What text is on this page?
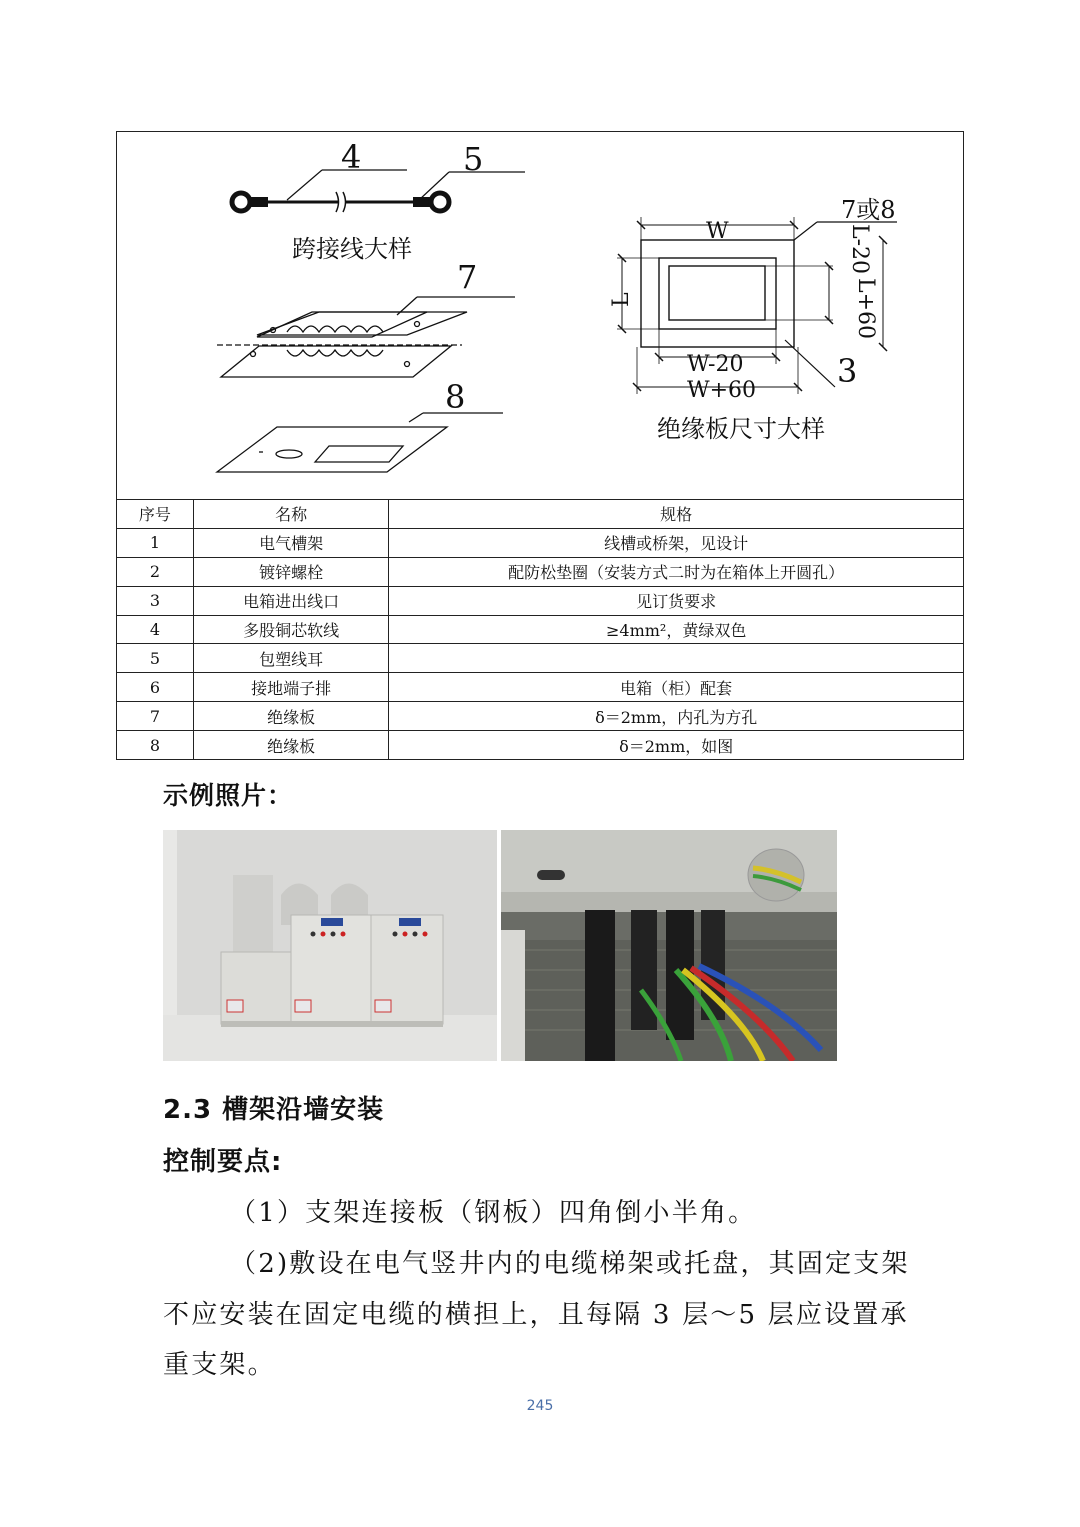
4	5
跨接线大样
7
8
7或8
W
L
L-20
L+60
W-20
W+60
3
绝缘板尺寸大样
序号	名称	规格
1	电气槽架	线槽或桥架，见设计
2	镀锌螺栓	配防松垫圈（安装方式二时为在箱体上开圆孔）
3	电箱进出线口	见订货要求
4	多股铜芯软线	≥4mm²，黄绿双色
5	包塑线耳	
6	接地端子排	电箱（柜）配套
7	绝缘板	δ＝2mm，内孔为方孔
8	绝缘板	δ＝2mm，如图
示例照片：
2.3 槽架沿墙安装
控制要点:
（1）支架连接板（钢板）四角倒小半角。
（2)敷设在电气竖井内的电缆梯架或托盘，其固定支架
不应安装在固定电缆的横担上，且每隔 3 层～5 层应设置承
重支架。
245
